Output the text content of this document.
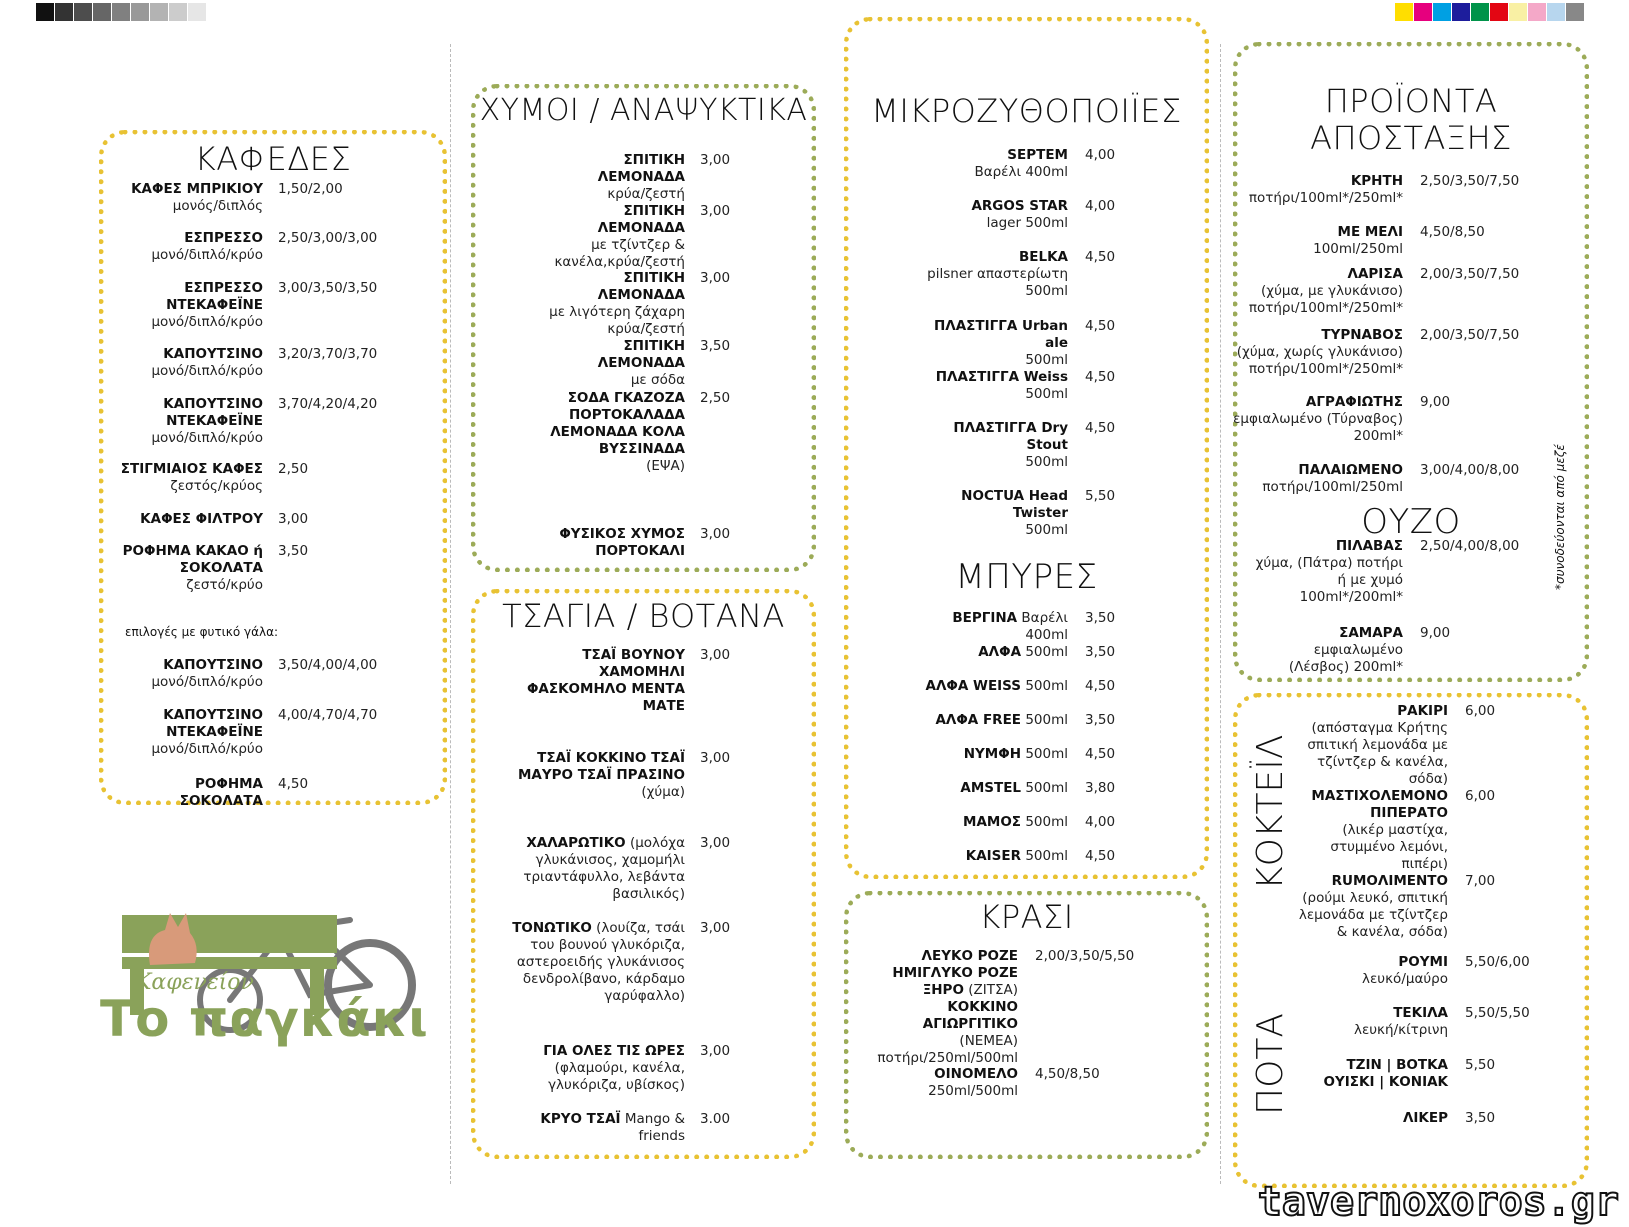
ΚΑΦΕΔΕΣ
ΚΑΦΕΣ ΜΠΡΙΚΙΟΥ
μονός/διπλός
1,50/2,00
ΕΣΠΡΕΣΣΟ
μονό/διπλό/κρύο
2,50/3,00/3,00
ΕΣΠΡΕΣΣΟ ΝΤΕΚΑΦΕΪΝΕ
μονό/διπλό/κρύο
3,00/3,50/3,50
ΚΑΠΟΥΤΣΙΝΟ
μονό/διπλό/κρύο
3,20/3,70/3,70
ΚΑΠΟΥΤΣΙΝΟ ΝΤΕΚΑΦΕΪΝΕ
μονό/διπλό/κρύο
3,70/4,20/4,20
ΣΤΙΓΜΙΑΙΟΣ ΚΑΦΕΣ
ζεστός/κρύος
2,50
ΚΑΦΕΣ ΦΙΛΤΡΟΥ 3,00
ΡΟΦΗΜΑ ΚΑΚΑΟ ή ΣΟΚΟΛΑΤΑ
ζεστό/κρύο
3,50
ΚΑΠΟΥΤΣΙΝΟ
μονό/διπλό/κρύο
3,50/4,00/4,00
ΚΑΠΟΥΤΣΙΝΟ ΝΤΕΚΑΦΕΪΝΕ
μονό/διπλό/κρύο
4,00/4,70/4,70
ΡΟΦΗΜΑ ΣΟΚΟΛΑΤΑ
4,50
ΧΥΜΟΙ / ΑΝΑΨΥΚΤΙΚΑ
ΣΠΙΤΙΚΗ ΛΕΜΟΝΑΔΑ
κρύα/ζεστή
3,00
ΣΠΙΤΙΚΗ ΛΕΜΟΝΑΔΑ
με τζίντζερ & κανέλα,κρύα/ζεστή
3,00
ΣΠΙΤΙΚΗ ΛΕΜΟΝΑΔΑ
με λιγότερη ζάχαρη κρύα/ζεστή
3,00
ΣΠΙΤΙΚΗ ΛΕΜΟΝΑΔΑ
με σόδα
3,50
ΣΟΔΑ ΓΚΑΖΟΖΑ ΠΟΡΤΟΚΑΛΑΔΑ ΛΕΜΟΝΑΔΑ ΚΟΛΑ ΒΥΣΣΙΝΑΔΑ
(ΕΨΑ)
2,50
ΦΥΣΙΚΟΣ ΧΥΜΟΣ ΠΟΡΤΟΚΑΛΙ
3,00
ΤΣΑΓΙΑ / ΒΟΤΑΝΑ
ΤΣΑΪ ΒΟΥΝΟΥ ΧΑΜΟΜΗΛΙ ΦΑΣΚΟΜΗΛΟ ΜΕΝΤΑ ΜΑΤΕ
3,00
ΤΣΑΪ ΚΟΚΚΙΝΟ ΤΣΑΪ ΜΑΥΡΟ ΤΣΑΪ ΠΡΑΣΙΝΟ (χύμα)
3,00
ΧΑΛΑΡΩΤΙΚΟ (μολόχα γλυκάνισος, χαμομήλι τριαντάφυλλο, λεβάντα βασιλικός)
3,00
ΤΟΝΩΤΙΚΟ (λουίζα, τσάι του βουνού γλυκόριζα, αστεροειδής γλυκάνισος δενδρολίβανο, κάρδαμο γαρύφαλλο)
3,00
ΓΙΑ ΟΛΕΣ ΤΙΣ ΩΡΕΣ (φλαμούρι, κανέλα, γλυκόριζα, υβίσκος)
3,00
ΚΡΥΟ ΤΣΑΪ Mango & friends
3.00
ΜΙΚΡΟΖΥΘΟΠΟΙΪΕΣ
ΜΠΥΡΕΣ
SEPTEM
Βαρέλι 400ml
4,00
ARGOS STAR
lager 500ml
4,00
BELKA
pilsner απαστερίωτη 500ml
4,50
ΠΛΑΣΤΙΓΓΑ Urban ale
500ml
4,50
ΠΛΑΣΤΙΓΓΑ Weiss
500ml
4,50
ΠΛΑΣΤΙΓΓΑ Dry Stout
500ml
4,50
NOCTUA Head Twister
500ml
5,50
ΒΕΡΓΙΝΑ Βαρέλι 400ml
3,50
ΑΛΦΑ 500ml 3,50
ΑΛΦΑ WEISS 500ml 4,50
ΑΛΦΑ FREE 500ml 3,50
ΝΥΜΦΗ 500ml 4,50
AMSTEL 500ml 3,80
ΜΑΜΟΣ 500ml 4,00
KAISER 500ml 4,50
ΚΡΑΣΙ
ΛΕΥΚΟ ΡΟΖΕ ΗΜΙΓΛΥΚΟ ΡΟΖΕ ΞΗΡΟ (ΖΙΤΣΑ)
ΚΟΚΚΙΝΟ ΑΓΙΩΡΓΙΤΙΚΟ
(ΝΕΜΕΑ) ποτήρι/250ml/500ml
2,00/3,50/5,50
ΟΙΝΟΜΕΛΟ
250ml/500ml
4,50/8,50
ΠΡΟΪΟΝΤΑ
ΑΠΟΣΤΑΞΗΣ
ΟΥΖΟ
ΚΡΗΤΗ
ποτήρι/100ml*/250ml*
2,50/3,50/7,50
ΜΕ ΜΕΛΙ
100ml/250ml
4,50/8,50
ΛΑΡΙΣΑ
(χύμα, με γλυκάνισο) ποτήρι/100ml*/250ml*
2,00/3,50/7,50
ΤΥΡΝΑΒΟΣ
(χύμα, χωρίς γλυκάνισο) ποτήρι/100ml*/250ml*
2,00/3,50/7,50
ΑΓΡΑΦΙΩΤΗΣ
εμφιαλωμένο (Τύρναβος) 200ml*
9,00
ΠΑΛΑΙΩΜΕΝΟ
ποτήρι/100ml/250ml
3,00/4,00/8,00
ΠΙΛΑΒΑΣ
χύμα, (Πάτρα) ποτήρι ή με χυμό 100ml*/200ml*
2,50/4,00/8,00
ΣΑΜΑΡΑ
εμφιαλωμένο (Λέσβος) 200ml*
9,00
*συνοδεύονται από μεζέ
ΚΟΚΤΕΪΛ
ΠΟΤΑ
ΡΑΚΙΡΙ
(απόσταγμα Κρήτης σπιτική λεμονάδα με τζίντζερ & κανέλα, σόδα)
6,00
ΜΑΣΤΙΧΟΛΕΜΟΝΟ ΠΙΠΕΡΑΤΟ
(λικέρ μαστίχα, στυμμένο λεμόνι, πιπέρι)
6,00
RUMOΛΙΜΕΝΤΟ
(ρούμι λευκό, σπιτική λεμονάδα με τζίντζερ & κανέλα, σόδα)
7,00
ΡΟΥΜΙ
λευκό/μαύρο
5,50/6,00
ΤΕΚΙΛΑ
λευκή/κίτρινη
5,50/5,50
ΤΖΙΝ | ΒΟΤΚΑ ΟΥΙΣΚΙ | ΚΟΝΙΑΚ
5,50
ΛΙΚΕΡ 3,50
Καφενείον
Το παγκάκι
tavernoxoros.gr
επιλογές με φυτικό γάλα:
